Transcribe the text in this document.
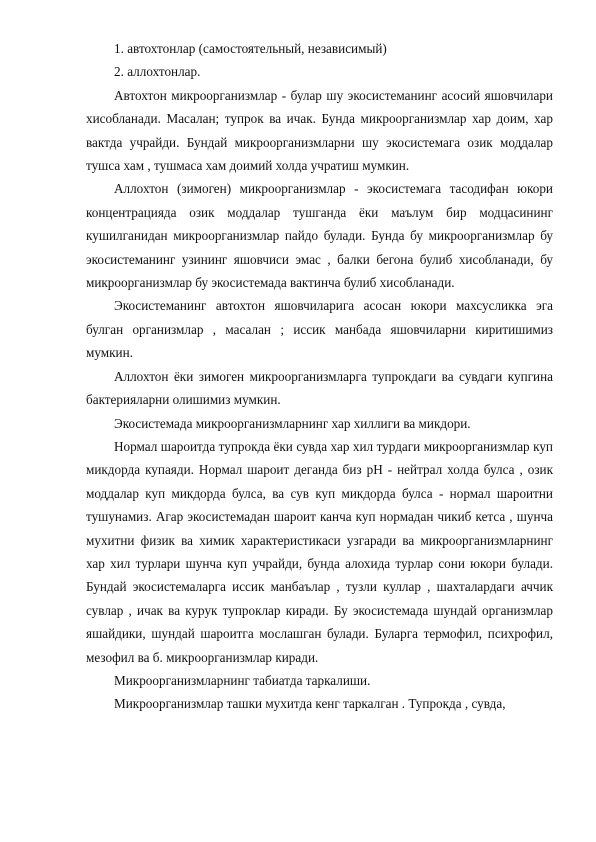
1. автохтонлар (самостоятельный, независимый)

2. аллохтонлар.

Автохтон микроорганизмлар - булар шу экосистеманинг асосий яшовчилари хисобланади. Масалан; тупрок ва ичак. Бунда микроорганизмлар хар доим, хар вактда учрайди. Бундай микроорганизмларни шу экосистемага озик моддалар тушса хам , тушмаса хам доимий холда учратиш мумкин.

Аллохтон (зимоген) микроорганизмлар - экосистемага тасодифан юкори концентрацияда озик моддалар тушганда ёки маълум бир модцасининг кушилганидан микроорганизмлар пайдо булади. Бунда бу микроорганизмлар бу экосистеманинг узининг яшовчиси эмас , балки бегона булиб хисобланади, бу микроорганизмлар бу экосистемада вактинча булиб хисобланади.

Экосистеманинг автохтон яшовчиларига асосан юкори махсусликка эга булган организмлар , масалан ; иссик манбада яшовчиларни киритишимиз мумкин.

Аллохтон ёки зимоген микроорганизмларга тупрокдаги ва сувдаги купгина бактерияларни олишимиз мумкин.

Экосистемада микроорганизмларнинг хар хиллиги ва микдори.

Нормал шароитда тупрокда ёки сувда хар хил турдаги микроорганизмлар куп микдорда купаяди. Нормал шароит деганда биз рН - нейтрал холда булса , озик моддалар куп микдорда булса, ва сув куп микдорда булса - нормал шароитни тушунамиз. Агар экосистемадан шароит канча куп нормадан чикиб кетса , шунча мухитни физик ва химик характеристикаси узгаради ва микроорганизмларнинг хар хил турлари шунча куп учрайди, бунда алохида турлар сони юкори булади. Бундай экосистемаларга иссик манбаълар , тузли куллар , шахталардаги аччик сувлар , ичак ва курук тупроклар киради. Бу экосистемада шундай организмлар яшайдики, шундай шароитга мослашган булади. Буларга термофил, психрофил, мезофил ва б. микроорганизмлар киради.

Микроорганизмларнинг табиатда таркалиши.

Микроорганизмлар ташки мухитда кенг таркалган . Тупрокда , сувда,
